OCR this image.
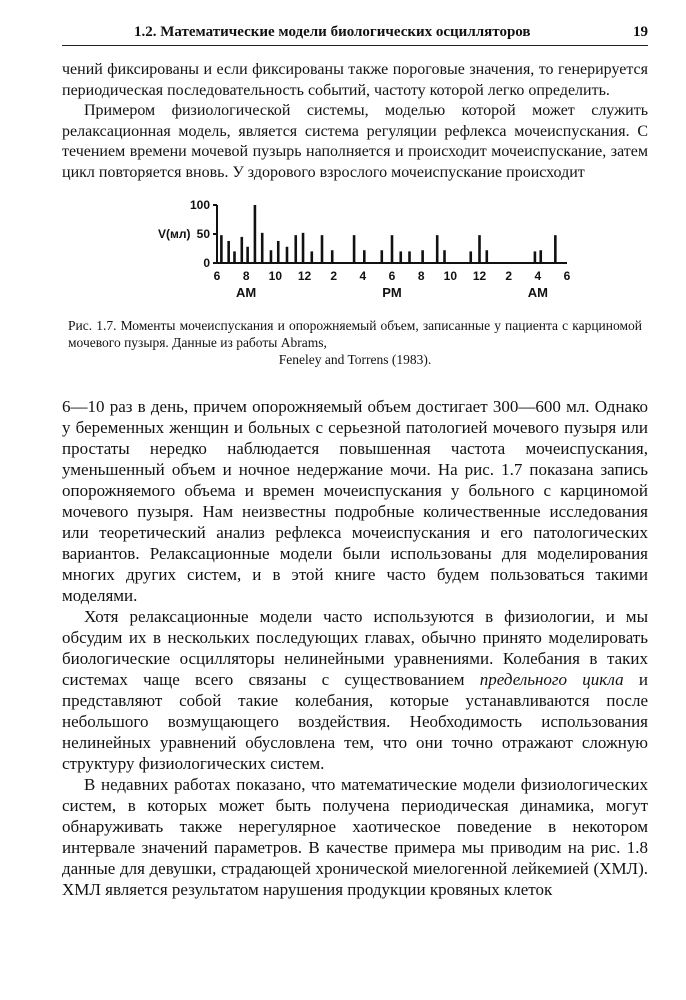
1.2. Математические модели биологических осцилляторов	19

чений фиксированы и если фиксированы также пороговые значения, то генерируется периодическая последовательность событий, частоту которой легко определить.

Примером физиологической системы, моделью которой может служить релаксационная модель, является система регуляции рефлекса мочеиспускания. С течением времени мочевой пузырь наполняется и происходит мочеиспускание, затем цикл повторяется вновь. У здорового взрослого мочеиспускание происходит

100
50
0
V(мл)
6 8 10 12 2 4 6 8 10 12 2 4 6
AM	PM	AM
Рис. 1.7. Моменты мочеиспускания и опорожняемый объем, записанные у пациента с карциномой мочевого пузыря. Данные из работы Abrams,
Feneley and Torrens (1983).

6—10 раз в день, причем опорожняемый объем достигает 300—600 мл. Однако у беременных женщин и больных с серьезной патологией мочевого пузыря или простаты нередко наблюдается повышенная частота мочеиспускания, уменьшенный объем и ночное недержание мочи. На рис. 1.7 показана запись опорожняемого объема и времен мочеиспускания у больного с карциномой мочевого пузыря. Нам неизвестны подробные количественные исследования или теоретический анализ рефлекса мочеиспускания и его патологических вариантов. Релаксационные модели были использованы для моделирования многих других систем, и в этой книге часто будем пользоваться такими моделями.

Хотя релаксационные модели часто используются в физиологии, и мы обсудим их в нескольких последующих главах, обычно принято моделировать биологические осцилляторы нелинейными уравнениями. Колебания в таких системах чаще всего связаны с существованием предельного цикла и представляют собой такие колебания, которые устанавливаются после небольшого возмущающего воздействия. Необходимость использования нелинейных уравнений обусловлена тем, что они точно отражают сложную структуру физиологических систем.

В недавних работах показано, что математические модели физиологических систем, в которых может быть получена периодическая динамика, могут обнаруживать также нерегулярное хаотическое поведение в некотором интервале значений параметров. В качестве примера мы приводим на рис. 1.8 данные для девушки, страдающей хронической миелогенной лейкемией (ХМЛ). ХМЛ является результатом нарушения продукции кровяных клеток
